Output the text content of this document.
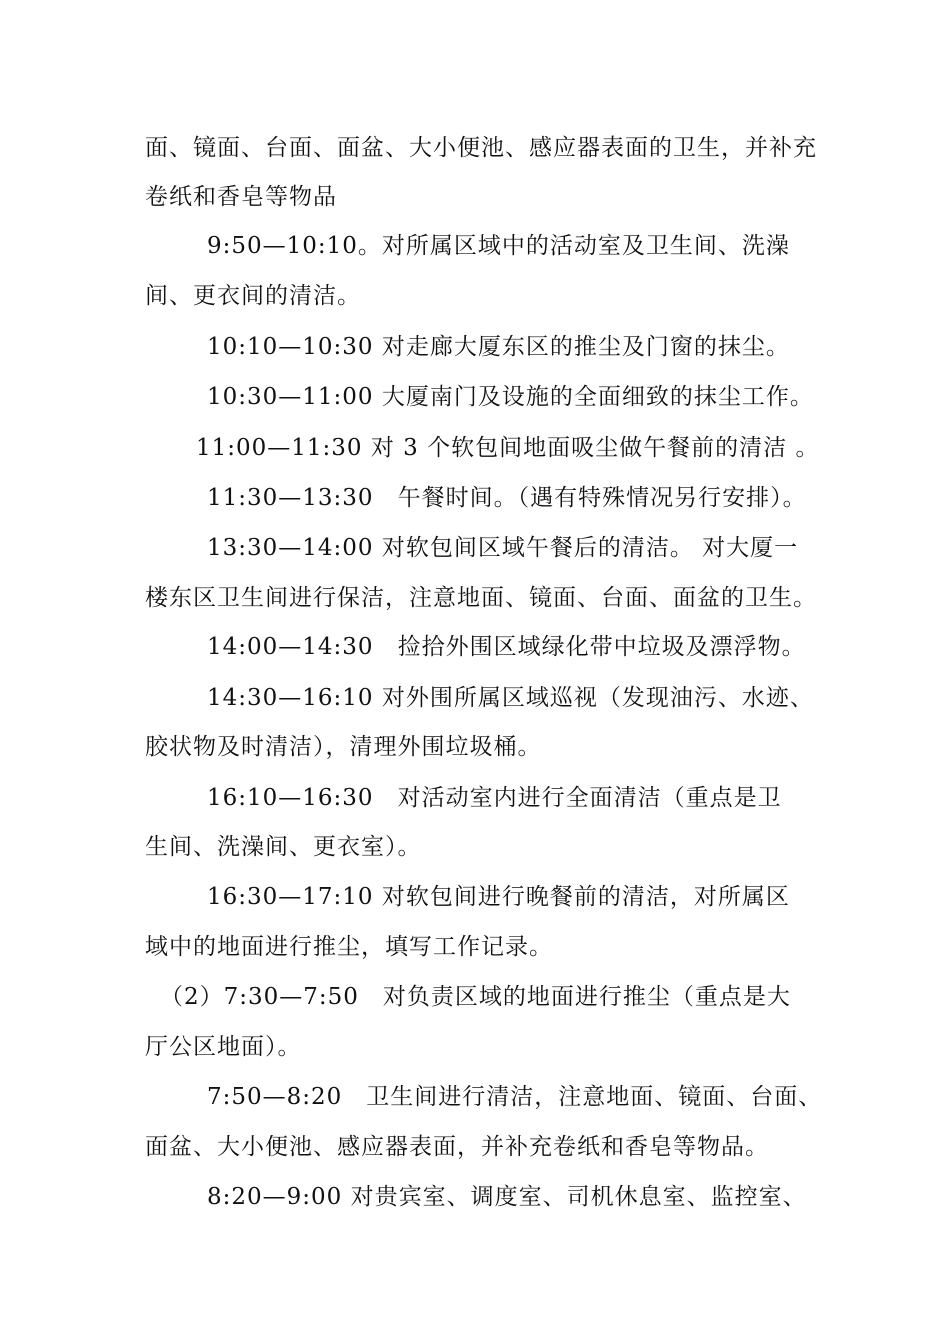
面、镜面、台面、面盆、大小便池、感应器表面的卫生，并补充
卷纸和香皂等物品
9:50—10:10。对所属区域中的活动室及卫生间、洗澡
间、更衣间的清洁。
10:10—10:30 对走廊大厦东区的推尘及门窗的抹尘。
10:30—11:00 大厦南门及设施的全面细致的抹尘工作。
11:00—11:30 对 3 个软包间地面吸尘做午餐前的清洁 。
11:30—13:30　午餐时间。（遇有特殊情况另行安排）。
13:30—14:00 对软包间区域午餐后的清洁。 对大厦一
楼东区卫生间进行保洁，注意地面、镜面、台面、面盆的卫生。
14:00—14:30　捡拾外围区域绿化带中垃圾及漂浮物。
14:30—16:10 对外围所属区域巡视（发现油污、水迹、
胶状物及时清洁），清理外围垃圾桶。
16:10—16:30　对活动室内进行全面清洁（重点是卫
生间、洗澡间、更衣室）。
16:30—17:10 对软包间进行晚餐前的清洁，对所属区
域中的地面进行推尘，填写工作记录。
（2）7:30—7:50　对负责区域的地面进行推尘（重点是大
厅公区地面）。
7:50—8:20　卫生间进行清洁，注意地面、镜面、台面、
面盆、大小便池、感应器表面，并补充卷纸和香皂等物品。
8:20—9:00 对贵宾室、调度室、司机休息室、监控室、
